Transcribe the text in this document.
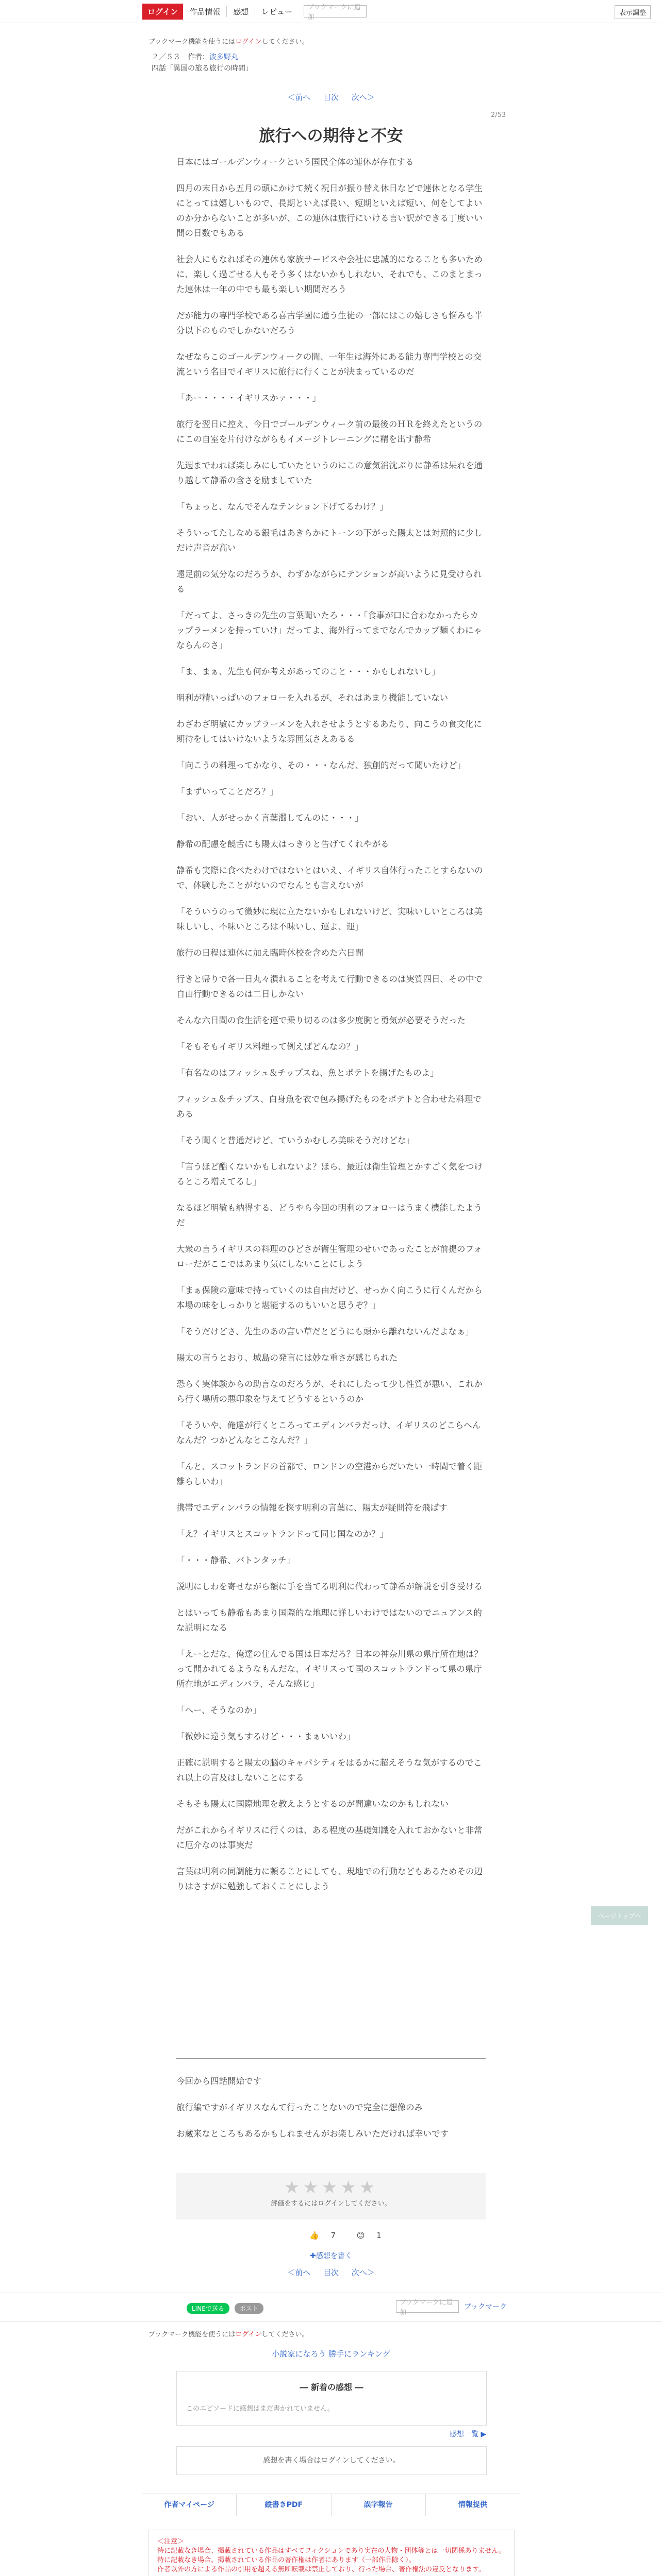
ログイン	作品情報	感想	レビュー	ブックマークに追加
表示調整
ブックマーク機能を使うにはログインしてください。
２／５３　作者：波多野丸
四話「異国の旅る旅行の時間」
＜前へ 目次 次へ＞
2/53
旅行への期待と不安

日本にはゴールデンウィークという国民全体の連休が存在する

四月の末日から五月の頭にかけて続く祝日が振り替え休日などで連休となる学生にとっては嬉しいもので、長期といえば長い、短期といえば短い、何をしてよいのか分からないことが多いが、この連休は旅行にいける言い訳ができる丁度いい間の日数でもある

社会人にもなればその連休も家族サービスや会社に忠誠的になることも多いために、楽しく過ごせる人もそう多くはないかもしれない、それでも、このまとまった連休は一年の中でも最も楽しい期間だろう

だが能力の専門学校である喜古学園に通う生徒の一部にはこの嬉しさも悩みも半分以下のものでしかないだろう

なぜならこのゴールデンウィークの間、一年生は海外にある能力専門学校との交流という名目でイギリスに旅行に行くことが決まっているのだ

「あー・・・・イギリスかァ・・・」

旅行を翌日に控え、今日でゴールデンウィーク前の最後のＨＲを終えたというのにこの自室を片付けながらもイメージトレーニングに精を出す静希

先週までわれば楽しみにしていたというのにこの意気消沈ぶりに静希は呆れを通り越して静希の含さを励ましていた

「ちょっと、なんでそんなテンション下げてるわけ？」

そういってたしなめる銀毛はあきらかにトーンの下がった陽太とは対照的に少しだけ声音が高い

遠足前の気分なのだろうか、わずかながらにテンションが高いように見受けられる

「だってよ、さっきの先生の言葉聞いたろ・・・「食事が口に合わなかったらカップラーメンを持っていけ」だってよ、海外行ってまでなんでカップ麺くわにゃならんのさ」

「ま、まぁ、先生も何か考えがあってのこと・・・かもしれないし」

明利が精いっぱいのフォローを入れるが、それはあまり機能していない

わざわざ明敏にカップラーメンを入れさせようとするあたり、向こうの食文化に期待をしてはいけないような雰囲気さえあるる

「向こうの料理ってかなり、その・・・なんだ、独創的だって聞いたけど」

「まずいってことだろ？」

「おい、人がせっかく言葉濁してんのに・・・」

静希の配慮を饒舌にも陽太はっきりと告げてくれやがる

静希も実際に食べたわけではないとはいえ、イギリス自体行ったことすらないので、体験したことがないのでなんとも言えないが

「そういうのって微妙に現に立たないかもしれないけど、実味いしいところは美味しいし、不味いところは不味いし、運よ、運」

旅行の日程は連休に加え臨時休校を含めた六日間

行きと帰りで各一日丸々潰れることを考えて行動できるのは実質四日、その中で自由行動できるのは二日しかない

そんな六日間の食生活を運で乗り切るのは多少度胸と勇気が必要そうだった

「そもそもイギリス料理って例えばどんなの？」

「有名なのはフィッシュ＆チップスね、魚とポテトを揚げたものよ」

フィッシュ＆チップス、白身魚を衣で包み揚げたものをポテトと合わせた料理である

「そう聞くと普通だけど、ていうかむしろ美味そうだけどな」

「言うほど酷くないかもしれないよ？ほら、最近は衛生管理とかすごく気をつけるところ増えてるし」

なるほど明敏も納得する、どうやら今回の明利のフォローはうまく機能したようだ

大衆の言うイギリスの料理のひどさが衛生管理のせいであったことが前提のフォローだがここではあまり気にしないことにしよう

「まぁ保険の意味で持っていくのは自由だけど、せっかく向こうに行くんだから本場の味をしっかりと堪能するのもいいと思うぞ？」

「そうだけどさ、先生のあの言い草だとどうにも頭から離れないんだよなぁ」

陽太の言うとおり、城島の発言には妙な重さが感じられた

恐らく実体験からの助言なのだろうが、それにしたって少し性質が悪い、これから行く場所の悪印象を与えてどうするというのか

「そういや、俺達が行くところってエディンバラだっけ、イギリスのどこらへんなんだ？つかどんなとこなんだ？」

「んと、スコットランドの首都で、ロンドンの空港からだいたい一時間で着く距離らしいわ」

携帯でエディンバラの情報を探す明利の言葉に、陽太が疑問符を飛ばす

「え？イギリスとスコットランドって同じ国なのか？」

「・・・静希、バトンタッチ」

説明にしわを寄せながら額に手を当てる明利に代わって静希が解説を引き受ける

とはいっても静希もあまり国際的な地理に詳しいわけではないのでニュアンス的な説明になる

「えーとだな、俺達の住んでる国は日本だろ？日本の神奈川県の県庁所在地は？って聞かれてるようなもんだな、イギリスって国のスコットランドって県の県庁所在地がエディンバラ、そんな感じ」

「へー、そうなのか」

「微妙に違う気もするけど・・・まぁいいわ」

正確に説明すると陽太の脳のキャパシティをはるかに超えそうな気がするのでこれ以上の言及はしないことにする

そもそも陽太に国際地理を教えようとするのが間違いなのかもしれない

だがこれからイギリスに行くのは、ある程度の基礎知識を入れておかないと非常に厄介なのは事実だ

言葉は明利の同調能力に頼ることにしても、現地での行動などもあるためその辺りはさすがに勉強しておくことにしよう

今回から四話開始です

旅行編ですがイギリスなんて行ったことないので完全に想像のみ

お蔵来なところもあるかもしれませんがお楽しみいただければ幸いです

★★★★★
評価をするにはログインしてください。
👍 7	😊 1
✚感想を書く
＜前へ 目次 次へ＞
LINEで送る	ポスト
ブックマークに追加
ブックマーク
ブックマーク機能を使うにはログインしてください。
小説家になろう 勝手にランキング
― 新着の感想 ―
このエピソードに感想はまだ書かれていません。
感想一覧 ▶
感想を書く場合はログインしてください。
作者マイページ	縦書きPDF	誤字報告	情報提供
＜注意＞
特に記載なき場合、掲載されている作品はすべてフィクションであり実在の人物・団体等とは一切関係ありません。
特に記載なき場合、掲載されている作品の著作権は作者にあります（一部作品除く）。
作者以外の方による作品の引用を超える無断転載は禁止しており、行った場合、著作権法の違反となります。
ページトップへ
